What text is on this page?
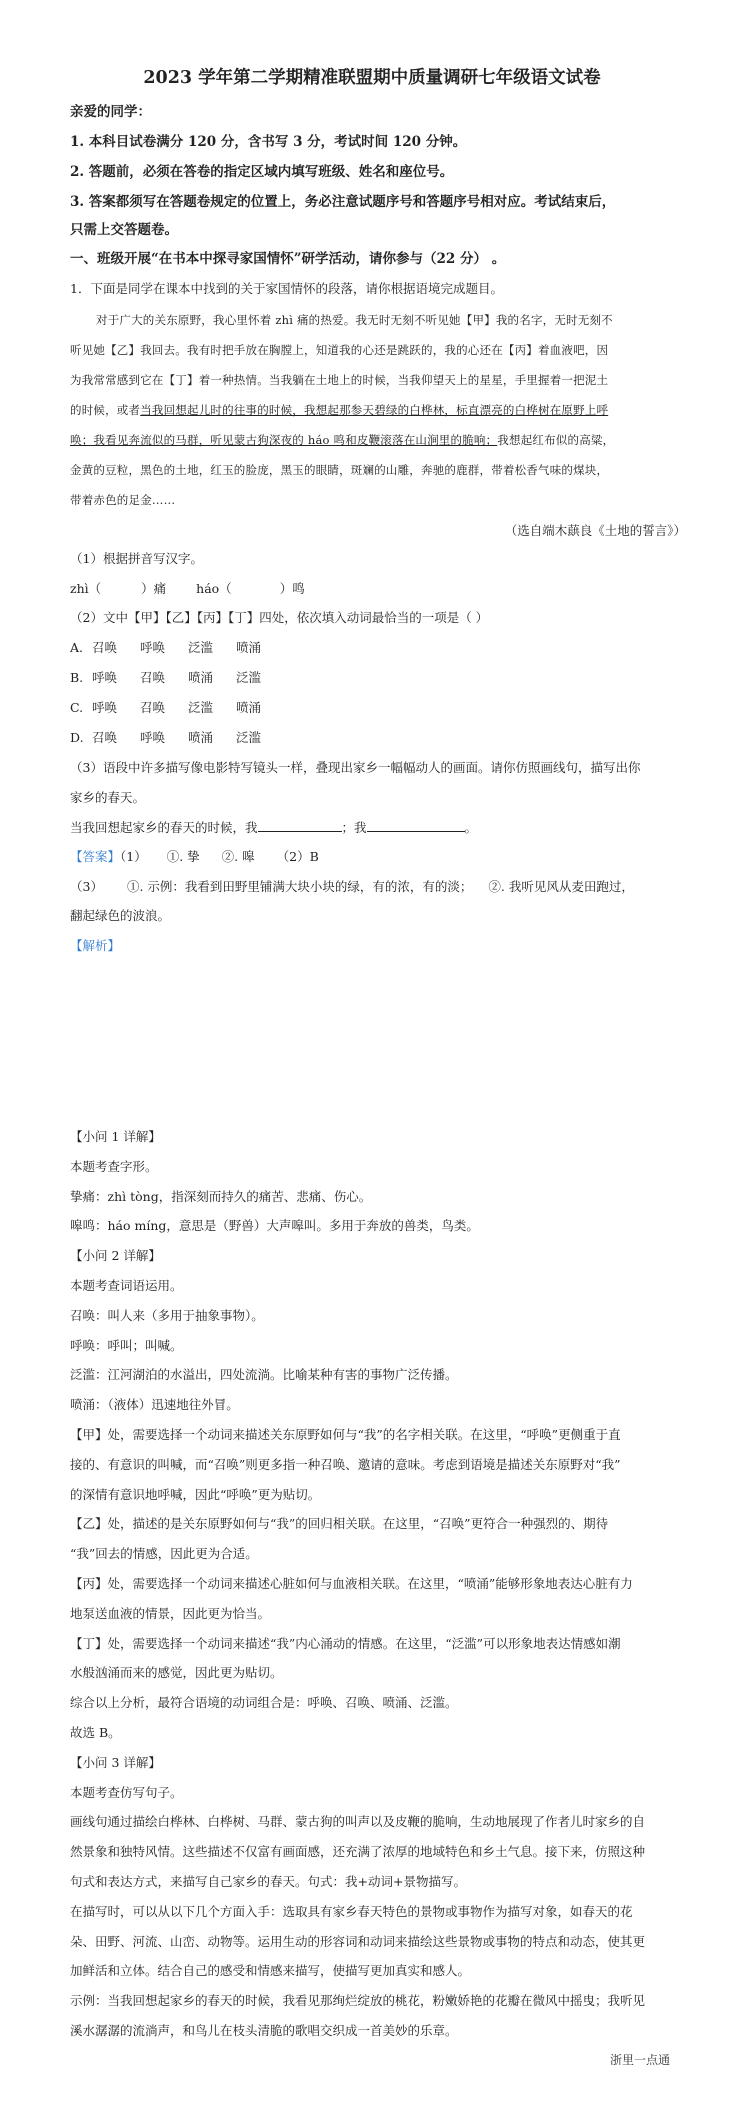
2023 学年第二学期精准联盟期中质量调研七年级语文试卷
亲爱的同学：
1. 本科目试卷满分 120 分，含书写 3 分，考试时间 120 分钟。
2. 答题前，必须在答卷的指定区域内填写班级、姓名和座位号。
3. 答案都须写在答题卷规定的位置上，务必注意试题序号和答题序号相对应。考试结束后，
只需上交答题卷。
一、班级开展“在书本中探寻家国情怀”研学活动，请你参与（22 分） 。
1．下面是同学在课本中找到的关于家国情怀的段落，请你根据语境完成题目。
对于广大的关东原野，我心里怀着 zhì 痛的热爱。我无时无刻不听见她【甲】我的名字，无时无刻不
听见她【乙】我回去。我有时把手放在胸膛上，知道我的心还是跳跃的，我的心还在【丙】着血液吧，因
为我常常感到它在【丁】着一种热情。当我躺在土地上的时候，当我仰望天上的星星，手里握着一把泥土
的时候，或者当我回想起儿时的往事的时候，我想起那参天碧绿的白桦林，标直漂亮的白桦树在原野上呼
唤；我看见奔流似的马群，听见蒙古狗深夜的 háo 鸣和皮鞭滚落在山涧里的脆响；我想起红布似的高粱，
金黄的豆粒，黑色的土地，红玉的脸庞，黑玉的眼睛，斑斓的山雕，奔驰的鹿群，带着松香气味的煤块，
带着赤色的足金……
（选自端木蕻良《土地的誓言》）
（1）根据拼音写汉字。
zhì（	）痛 háo（	）鸣
（2）文中【甲】【乙】【丙】【丁】四处，依次填入动词最恰当的一项是（ ）
A. 召唤 呼唤 泛滥 喷涌
B. 呼唤 召唤 喷涌 泛滥
C. 呼唤 召唤 泛滥 喷涌
D. 召唤 呼唤 喷涌 泛滥
（3）语段中许多描写像电影特写镜头一样，叠现出家乡一幅幅动人的画面。请你仿照画线句，描写出你
家乡的春天。
当我回想起家乡的春天的时候，我	；我	。
【答案】（1） ①. 挚 ②. 嗥 （2）B
（3） ①. 示例：我看到田野里铺满大块小块的绿，有的浓，有的淡； ②. 我听见风从麦田跑过，
翻起绿色的波浪。
【解析】
【小问 1 详解】
本题考查字形。
挚痛：zhì tòng，指深刻而持久的痛苦、悲痛、伤心。
嗥鸣：háo míng，意思是（野兽）大声嗥叫。多用于奔放的兽类，鸟类。
【小问 2 详解】
本题考查词语运用。
召唤：叫人来（多用于抽象事物）。
呼唤：呼叫；叫喊。
泛滥：江河湖泊的水溢出，四处流淌。比喻某种有害的事物广泛传播。
喷涌：（液体）迅速地往外冒。
【甲】处，需要选择一个动词来描述关东原野如何与“我”的名字相关联。在这里，“呼唤”更侧重于直
接的、有意识的叫喊，而“召唤”则更多指一种召唤、邀请的意味。考虑到语境是描述关东原野对“我”
的深情有意识地呼喊，因此“呼唤”更为贴切。
【乙】处，描述的是关东原野如何与“我”的回归相关联。在这里，“召唤”更符合一种强烈的、期待
“我”回去的情感，因此更为合适。
【丙】处，需要选择一个动词来描述心脏如何与血液相关联。在这里，“喷涌”能够形象地表达心脏有力
地泵送血液的情景，因此更为恰当。
【丁】处，需要选择一个动词来描述“我”内心涌动的情感。在这里，“泛滥”可以形象地表达情感如潮
水般汹涌而来的感觉，因此更为贴切。
综合以上分析，最符合语境的动词组合是：呼唤、召唤、喷涌、泛滥。
故选 B。
【小问 3 详解】
本题考查仿写句子。
画线句通过描绘白桦林、白桦树、马群、蒙古狗的叫声以及皮鞭的脆响，生动地展现了作者儿时家乡的自
然景象和独特风情。这些描述不仅富有画面感，还充满了浓厚的地域特色和乡土气息。接下来，仿照这种
句式和表达方式，来描写自己家乡的春天。句式：我+动词+景物描写。
在描写时，可以从以下几个方面入手：选取具有家乡春天特色的景物或事物作为描写对象，如春天的花
朵、田野、河流、山峦、动物等。运用生动的形容词和动词来描绘这些景物或事物的特点和动态，使其更
加鲜活和立体。结合自己的感受和情感来描写，使描写更加真实和感人。
示例：当我回想起家乡的春天的时候，我看见那绚烂绽放的桃花，粉嫩娇艳的花瓣在微风中摇曳；我听见
溪水潺潺的流淌声，和鸟儿在枝头清脆的歌唱交织成一首美妙的乐章。
浙里一点通
